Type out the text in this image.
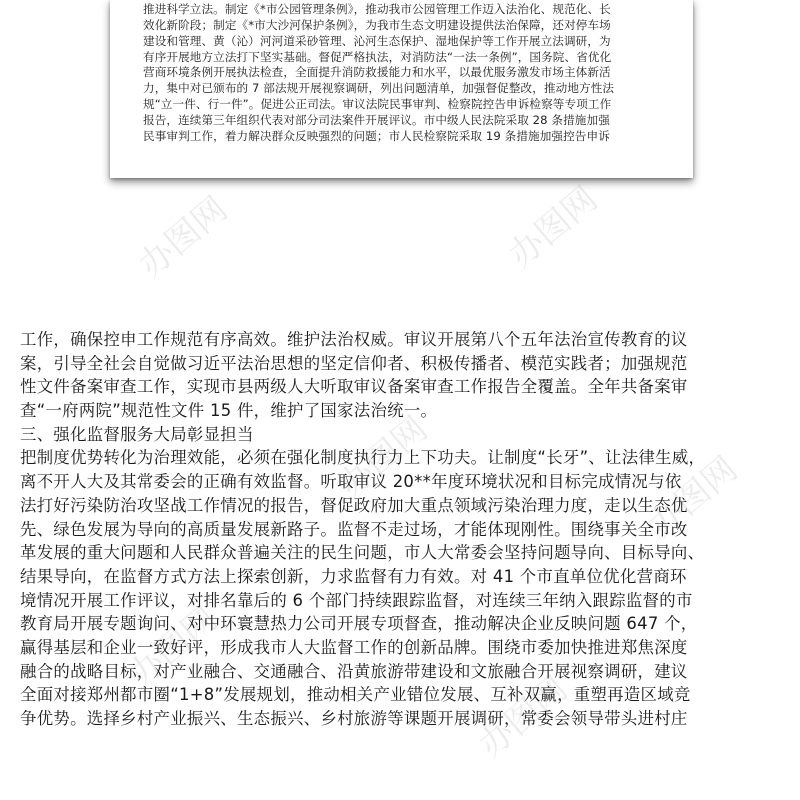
推进科学立法。制定《*市公园管理条例》，推动我市公园管理工作迈入法治化、规范化、长
效化新阶段；制定《*市大沙河保护条例》，为我市生态文明建设提供法治保障，还对停车场
建设和管理、黄（沁）河河道采砂管理、沁河生态保护、湿地保护等工作开展立法调研，为
有序开展地方立法打下坚实基础。督促严格执法，对消防法“一法一条例”，国务院、省优化
营商环境条例开展执法检查，全面提升消防救援能力和水平，以最优服务激发市场主体新活
力，集中对已颁布的 7 部法规开展视察调研，列出问题清单，加强督促整改，推动地方性法
规“立一件、行一件”。促进公正司法。审议法院民事审判、检察院控告申诉检察等专项工作
报告，连续第三年组织代表对部分司法案件开展评议。市中级人民法院采取 28 条措施加强
民事审判工作，着力解决群众反映强烈的问题；市人民检察院采取 19 条措施加强控告申诉
办图网	办图网
办图网	办图网
办图网
办图网
工作，确保控申工作规范有序高效。维护法治权威。审议开展第八个五年法治宣传教育的议
案，引导全社会自觉做习近平法治思想的坚定信仰者、积极传播者、模范实践者；加强规范
性文件备案审查工作，实现市县两级人大听取审议备案审查工作报告全覆盖。全年共备案审
查“一府两院”规范性文件 15 件，维护了国家法治统一。
三、强化监督服务大局彰显担当
把制度优势转化为治理效能，必须在强化制度执行力上下功夫。让制度“长牙”、让法律生威，
离不开人大及其常委会的正确有效监督。听取审议 20**年度环境状况和目标完成情况与依
法打好污染防治攻坚战工作情况的报告，督促政府加大重点领域污染治理力度，走以生态优
先、绿色发展为导向的高质量发展新路子。监督不走过场，才能体现刚性。围绕事关全市改
革发展的重大问题和人民群众普遍关注的民生问题，市人大常委会坚持问题导向、目标导向、
结果导向，在监督方式方法上探索创新，力求监督有力有效。对 41 个市直单位优化营商环
境情况开展工作评议，对排名靠后的 6 个部门持续跟踪监督，对连续三年纳入跟踪监督的市
教育局开展专题询问、对中环寰慧热力公司开展专项督查，推动解决企业反映问题 647 个，
赢得基层和企业一致好评，形成我市人大监督工作的创新品牌。围绕市委加快推进郑焦深度
融合的战略目标，对产业融合、交通融合、沿黄旅游带建设和文旅融合开展视察调研，建议
全面对接郑州都市圈“1+8”发展规划，推动相关产业错位发展、互补双赢，重塑再造区域竞
争优势。选择乡村产业振兴、生态振兴、乡村旅游等课题开展调研，常委会领导带头进村庄
